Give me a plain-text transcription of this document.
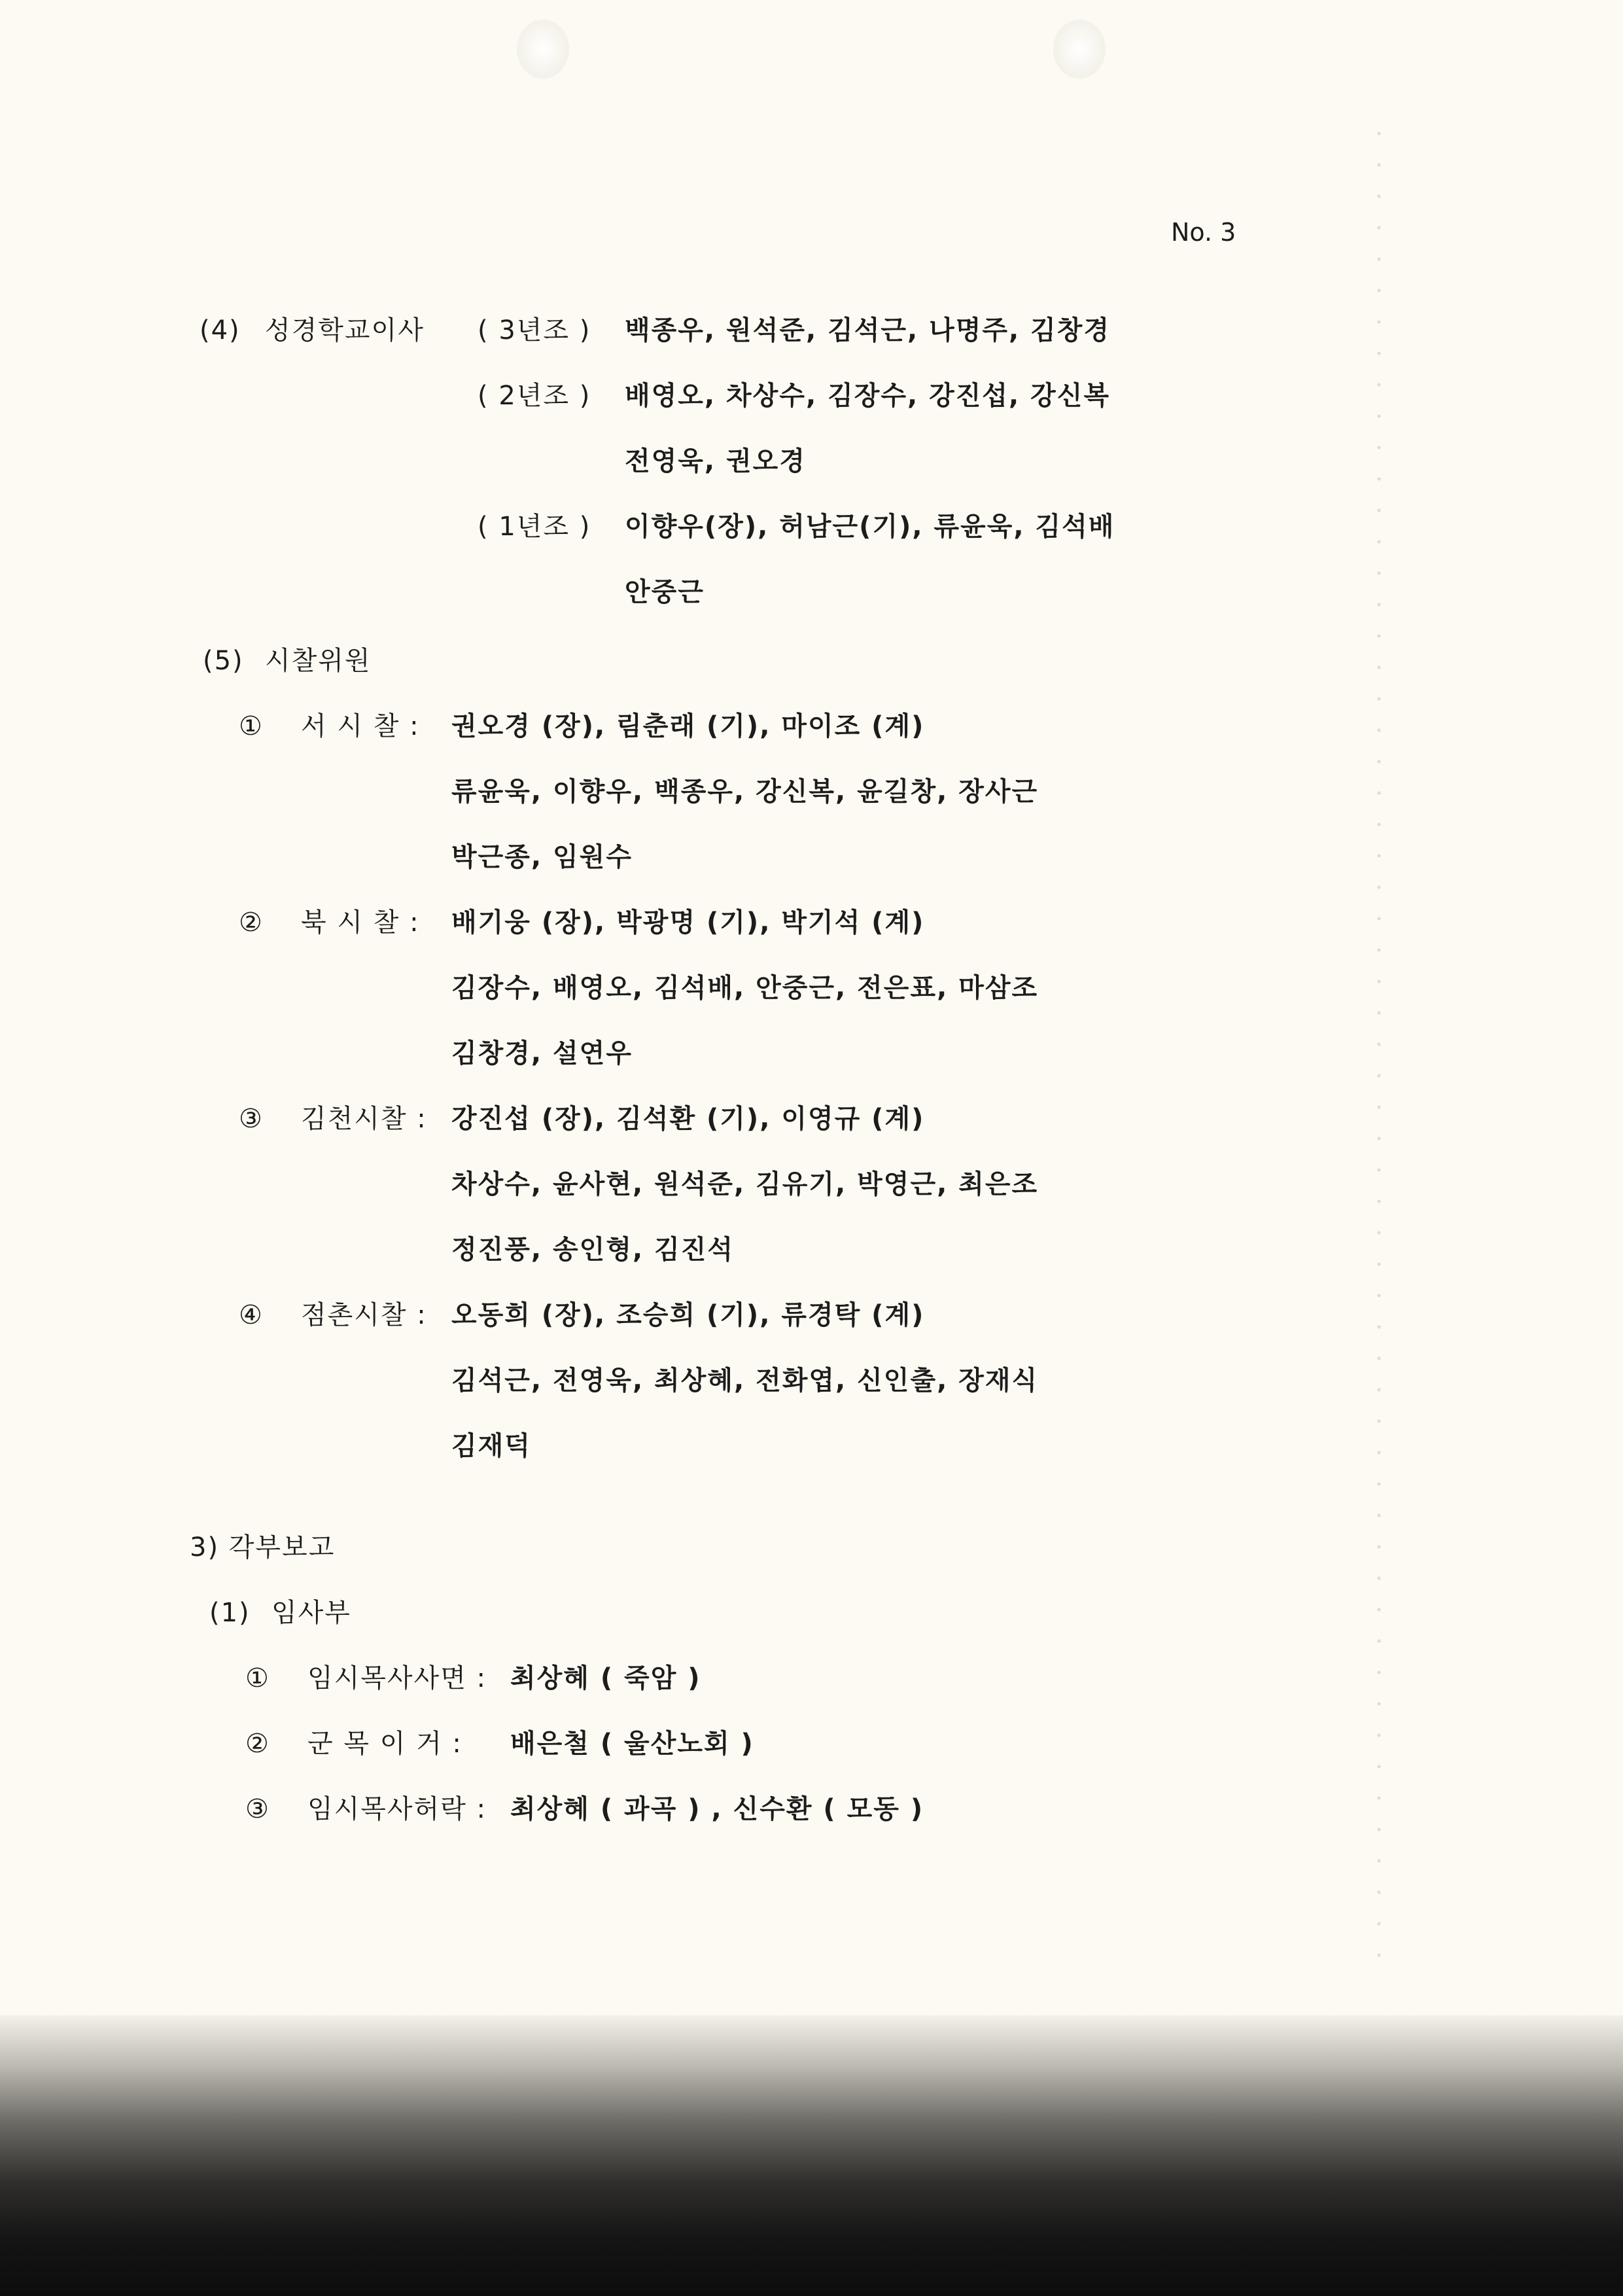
No. 3
(4) 성경학교이사 ( 3년조 ) 백종우, 원석준, 김석근, 나명주, 김창경
( 2년조 ) 배영오, 차상수, 김장수, 강진섭, 강신복
전영욱, 권오경
( 1년조 ) 이향우(장), 허남근(기), 류윤욱, 김석배
안중근
(5) 시찰위원
① 서 시 찰 : 권오경 (장), 림춘래 (기), 마이조 (계)
류윤욱, 이향우, 백종우, 강신복, 윤길창, 장사근
박근종, 임원수
② 북 시 찰 : 배기웅 (장), 박광명 (기), 박기석 (계)
김장수, 배영오, 김석배, 안중근, 전은표, 마삼조
김창경, 설연우
③ 김천시찰 : 강진섭 (장), 김석환 (기), 이영규 (계)
차상수, 윤사현, 원석준, 김유기, 박영근, 최은조
정진풍, 송인형, 김진석
④ 점촌시찰 : 오동희 (장), 조승희 (기), 류경탁 (계)
김석근, 전영욱, 최상혜, 전화엽, 신인출, 장재식
김재덕
3) 각부보고
(1) 임사부
① 임시목사사면 : 최상혜 ( 죽암 )
② 군 목 이 거 : 배은철 ( 울산노회 )
③ 임시목사허락 : 최상혜 ( 과곡 ) , 신수환 ( 모동 )
